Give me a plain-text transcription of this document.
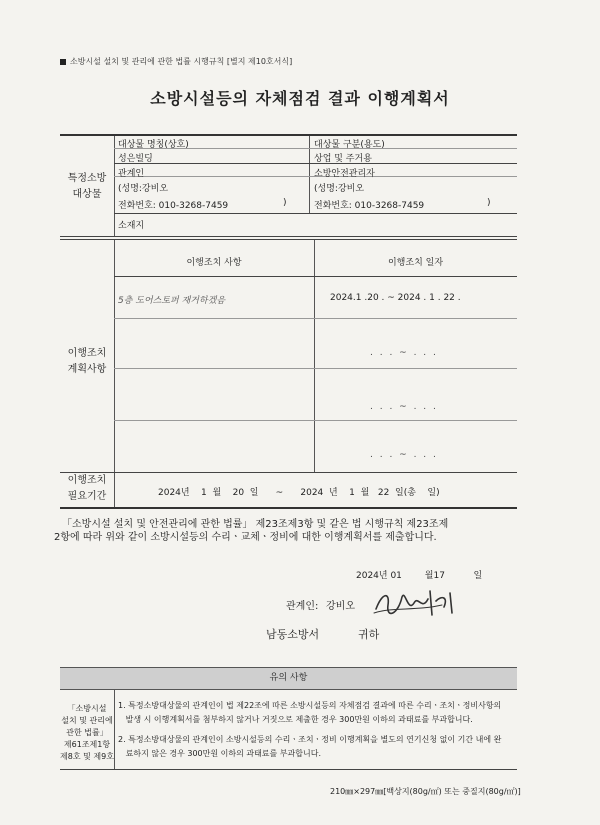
소방시설 설치 및 관리에 관한 법률 시행규칙 [별지 제10호서식]
소방시설등의 자체점검 결과 이행계획서
특정소방
대상물
대상물 명칭(상호)
성은빌딩
대상물 구분(용도)
상업 및 주거용
관계인
(성명:강비오
전화번호: 010-3268-7459	)
소방안전관리자
(성명:강비오
전화번호: 010-3268-7459	)
소재지
이행조치
계획사항
이행조치 사항	이행조치 일자
5층 도어스토퍼 재거하겠음	2024.1 .20 . ~ 2024 . 1 . 22 .
. . . ~ . . .
. . . ~ . . .
. . . ~ . . .
이행조치
필요기간	2024년    1  월    20  일      ~      2024  년    1  월   22  일(총    일)
「소방시설 설치 및 안전관리에 관한 법률」 제23조제3항 및 같은 법 시행규칙 제23조제
2항에 따라 위와 같이 소방시설등의 수리ㆍ교체ㆍ정비에 대한 이행계획서를 제출합니다.
2024년 01        월17          일
관계인: 강비오
남동소방서	귀하
유의 사항
「소방시설
설치 및 관리에
관한 법률」
제61조제1항
제8호 및 제9호
1. 특정소방대상물의 관계인이 법 제22조에 따른 소방시설등의 자체점검 결과에 따른 수리ㆍ조치ㆍ정비사항의
발생 시 이행계획서를 첨부하지 않거나 거짓으로 제출한 경우 300만원 이하의 과태료를 부과합니다.
2. 특정소방대상물의 관계인이 소방시설등의 수리ㆍ조치ㆍ정비 이행계획을 별도의 연기신청 없이 기간 내에 완
료하지 않은 경우 300만원 이하의 과태료를 부과합니다.
210㎜×297㎜[백상지(80g/㎡) 또는 중질지(80g/㎡)]
